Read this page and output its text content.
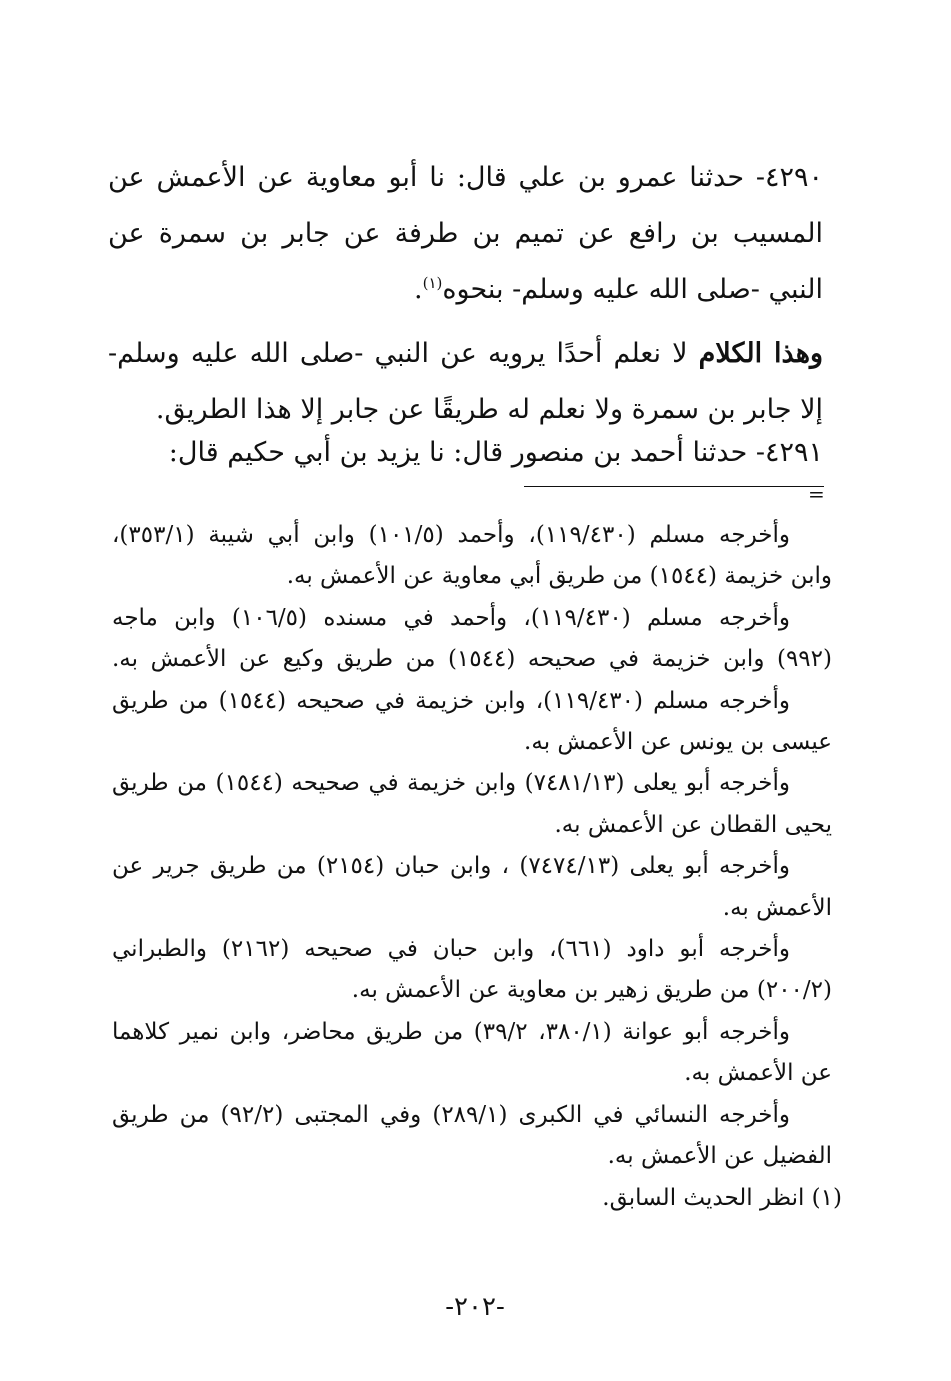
٤٢٩٠- حدثنا عمرو بن علي قال: نا أبو معاوية عن الأعمش عن المسيب بن رافع عن تميم بن طرفة عن جابر بن سمرة عن النبي -صلى الله عليه وسلم- بنحوه$^{(١)}$.

وهذا الكلام لا نعلم أحدًا يرويه عن النبي -صلى الله عليه وسلم- إلا جابر بن سمرة ولا نعلم له طريقًا عن جابر إلا هذا الطريق.

٤٢٩١- حدثنا أحمد بن منصور قال: نا يزيد بن أبي حكيم قال:
=
وأخرجه مسلم (١١٩/٤٣٠)، وأحمد (١٠١/٥) وابن أبي شيبة (٣٥٣/١)،
وابن خزيمة (١٥٤٤) من طريق أبي معاوية عن الأعمش به.
وأخرجه مسلم (١١٩/٤٣٠)، وأحمد في مسنده (١٠٦/٥) وابن ماجه
(٩٩٢) وابن خزيمة في صحيحه (١٥٤٤) من طريق وكيع عن الأعمش به.
وأخرجه مسلم (١١٩/٤٣٠)، وابن خزيمة في صحيحه (١٥٤٤) من طريق
عيسى بن يونس عن الأعمش به.
وأخرجه أبو يعلى (٧٤٨١/١٣) وابن خزيمة في صحيحه (١٥٤٤) من طريق
يحيى القطان عن الأعمش به.
وأخرجه أبو يعلى (٧٤٧٤/١٣) ، وابن حبان (٢١٥٤) من طريق جرير عن
الأعمش به.
وأخرجه أبو داود (٦٦١)، وابن حبان في صحيحه (٢١٦٢) والطبراني
(٢٠٠/٢) من طريق زهير بن معاوية عن الأعمش به.
وأخرجه أبو عوانة (٣٨٠/١، ٣٩/٢) من طريق محاضر، وابن نمير كلاهما
عن الأعمش به.
وأخرجه النسائي في الكبرى (٢٨٩/١) وفي المجتبى (٩٢/٢) من طريق
الفضيل عن الأعمش به.
(١) انظر الحديث السابق.
-٢٠٢-
